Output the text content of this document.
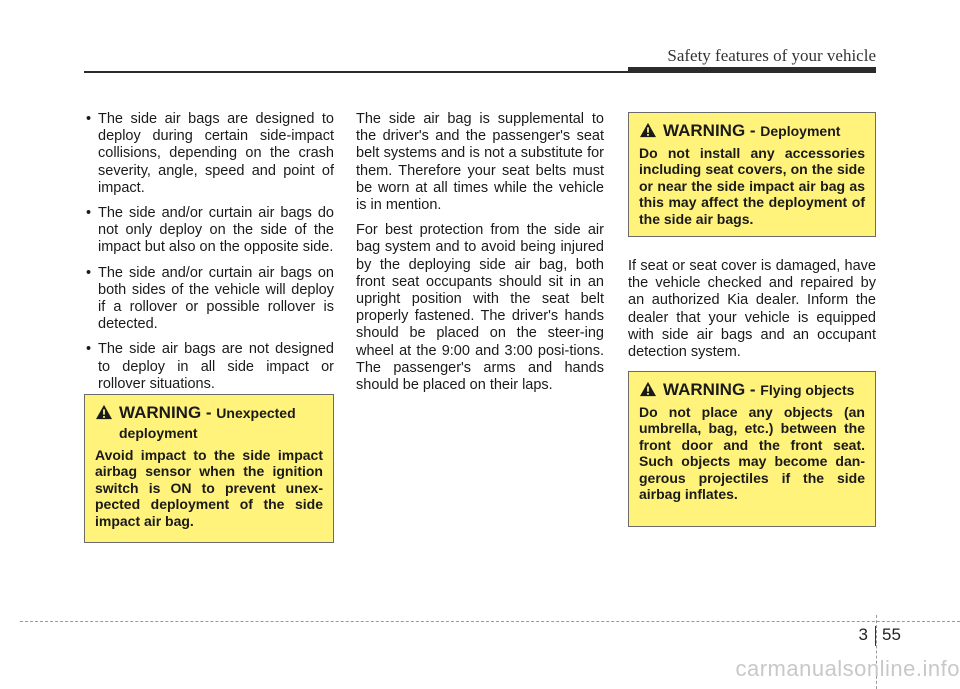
Safety features of your vehicle
• The side air bags are designed to deploy during certain side-impact collisions, depending on the crash severity, angle, speed and point of impact.
• The side and/or curtain air bags do not only deploy on the side of the impact but also on the opposite side.
• The side and/or curtain air bags on both sides of the vehicle will deploy if a rollover or possible rollover is detected.
• The side air bags are not designed to deploy in all side impact or rollover situations.

The side air bag is supplemental to the driver's and the passenger's seat belt systems and is not a substitute for them. Therefore your seat belts must be worn at all times while the vehicle is in mention.

For best protection from the side air bag system and to avoid being injured by the deploying side air bag, both front seat occupants should sit in an upright position with the seat belt properly fastened. The driver's hands should be placed on the steer-ing wheel at the 9:00 and 3:00 posi-tions. The passenger's arms and hands should be placed on their laps.

If seat or seat cover is damaged, have the vehicle checked and repaired by an authorized Kia dealer. Inform the dealer that your vehicle is equipped with side air bags and an occupant detection system.

WARNING - Unexpected deployment
Avoid impact to the side impact airbag sensor when the ignition switch is ON to prevent unex-pected deployment of the side impact air bag.
WARNING - Deployment
Do not install any accessories including seat covers, on the side or near the side impact air bag as this may affect the deployment of the side air bags.
WARNING - Flying objects
Do not place any objects (an umbrella, bag, etc.) between the front door and the front seat. Such objects may become dan-gerous projectiles if the side airbag inflates.
3 55
carmanualsonline.info
